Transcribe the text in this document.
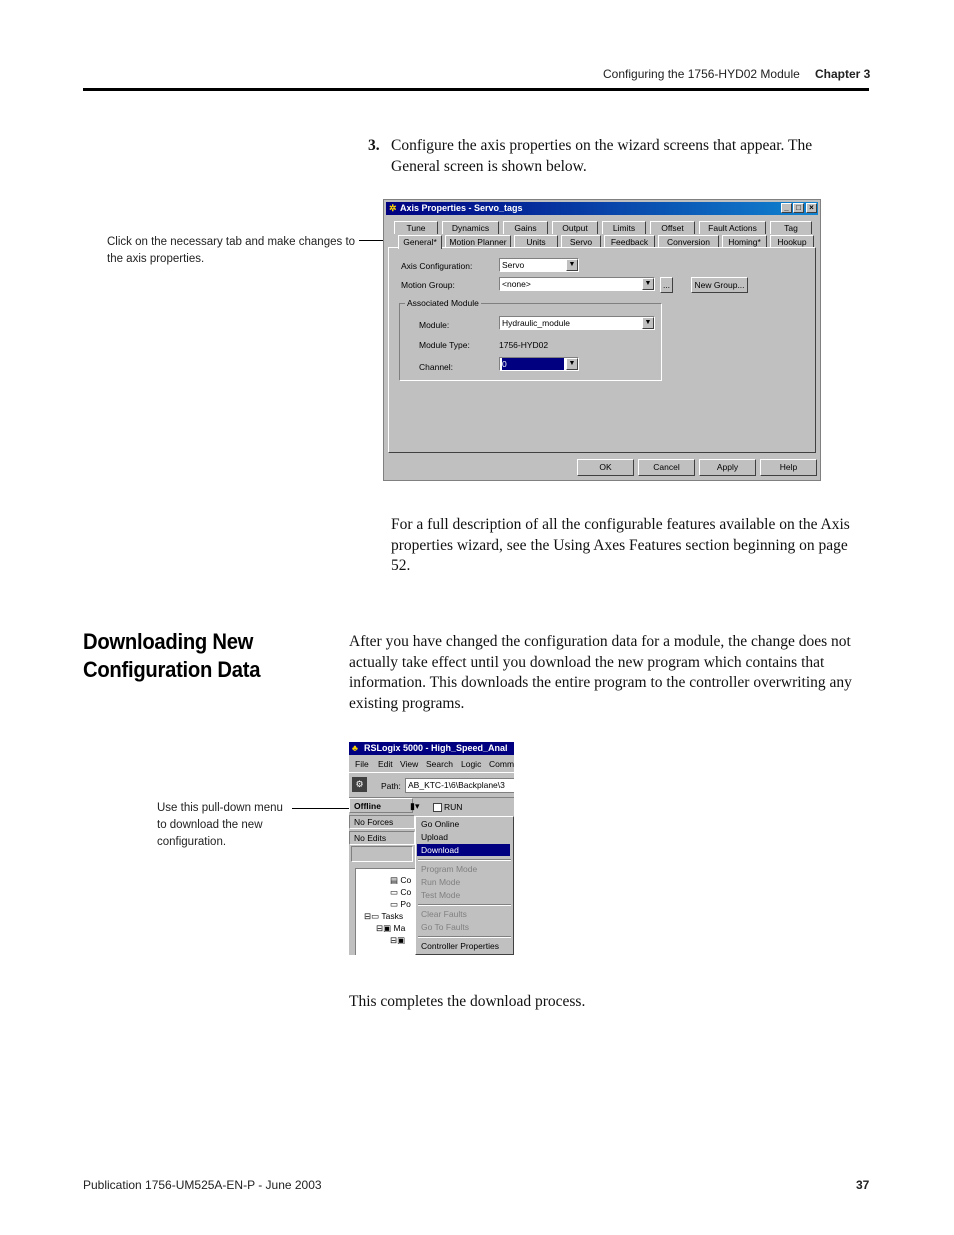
Configuring the 1756-HYD02 Module Chapter 3
3. Configure the axis properties on the wizard screens that appear. The General screen is shown below.
Click on the necessary tab and make changes to the axis properties.
✲ Axis Properties - Servo_tags	_ □	×
Tune	Dynamics	Gains	Output	Limits	Offset	Fault Actions	Tag
General*	Motion Planner	Units	Servo	Feedback	Conversion	Homing*	Hookup
Axis Configuration:	Servo	▼
Motion Group:	<none>	▼	...	New Group...
Associated Module
Module:	Hydraulic_module	▼
Module Type:	1756-HYD02
Channel:	0	▼
OK	Cancel	Apply	Help
For a full description of all the configurable features available on the Axis properties wizard, see the Using Axes Features section beginning on page 52.
Downloading New
Configuration Data
After you have changed the configuration data for a module, the change does not actually take effect until you download the new program which contains that information. This downloads the entire program to the controller overwriting any existing programs.
Use this pull-down menu to download the new configuration.
♣ RSLogix 5000 - High_Speed_Anal
File Edit View Search Logic Comm
⚙	Path: AB_KTC-1\6\Backplane\3
Offline	▮▾	RUN
No Forces
No Edits
▤ Co
▭ Co
▭ Po
⊟▭ Tasks
⊟▣ Ma
⊟▣
Go Online
Upload
Download
Program Mode
Run Mode
Test Mode
Clear Faults
Go To Faults
Controller Properties
This completes the download process.
Publication 1756-UM525A-EN-P - June 2003	37
